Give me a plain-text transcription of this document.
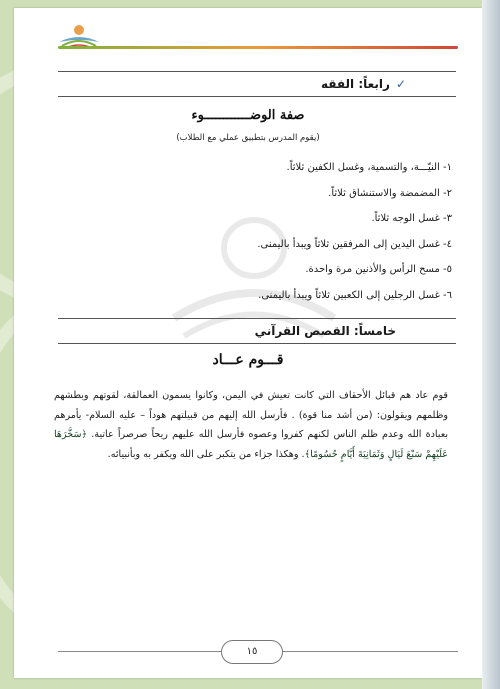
✓
رابعاً: الفقه
صفة الوضــــــــــــوء
(يقوم المدرس بتطبيق عملي مع الطلاب)
١- النيّـــة، والتسمية، وغسل الكفين ثلاثاً.
٢- المضمضة والاستنشاق ثلاثاً.
٣- غسل الوجه ثلاثاً.
٤- غسل اليدين إلى المرفقين ثلاثاً ويبدأ باليمنى.
٥- مسح الرأس والأذنين مرة واحدة.
٦- غسل الرجلين إلى الكعبين ثلاثاً ويبدأ باليمنى.
خامساً: القصص القرآني
قـــوم عـــاد

قوم عاد هم قبائل الأحقاف التي كانت تعيش في اليمن، وكانوا يسمون العمالقة، لقوتهم وبطشهم وظلمهم ويقولون: (من أشد منا قوة) . فأرسل الله إليهم من قبيلتهم هوداً – عليه السلام- يأمرهم بعبادة الله وعدم ظلم الناس لكنهم كفروا وعصوه فأرسل الله عليهم ريحاً صرصراً عاتية. ﴿سَخَّرَهَا عَلَيْهِمْ سَبْعَ لَيَالٍ وَثَمَانِيَةَ أَيَّامٍ حُسُومًا﴾. وهكذا جزاء من يتكبر على الله ويكفر به وبأنبيائه.

١٥
